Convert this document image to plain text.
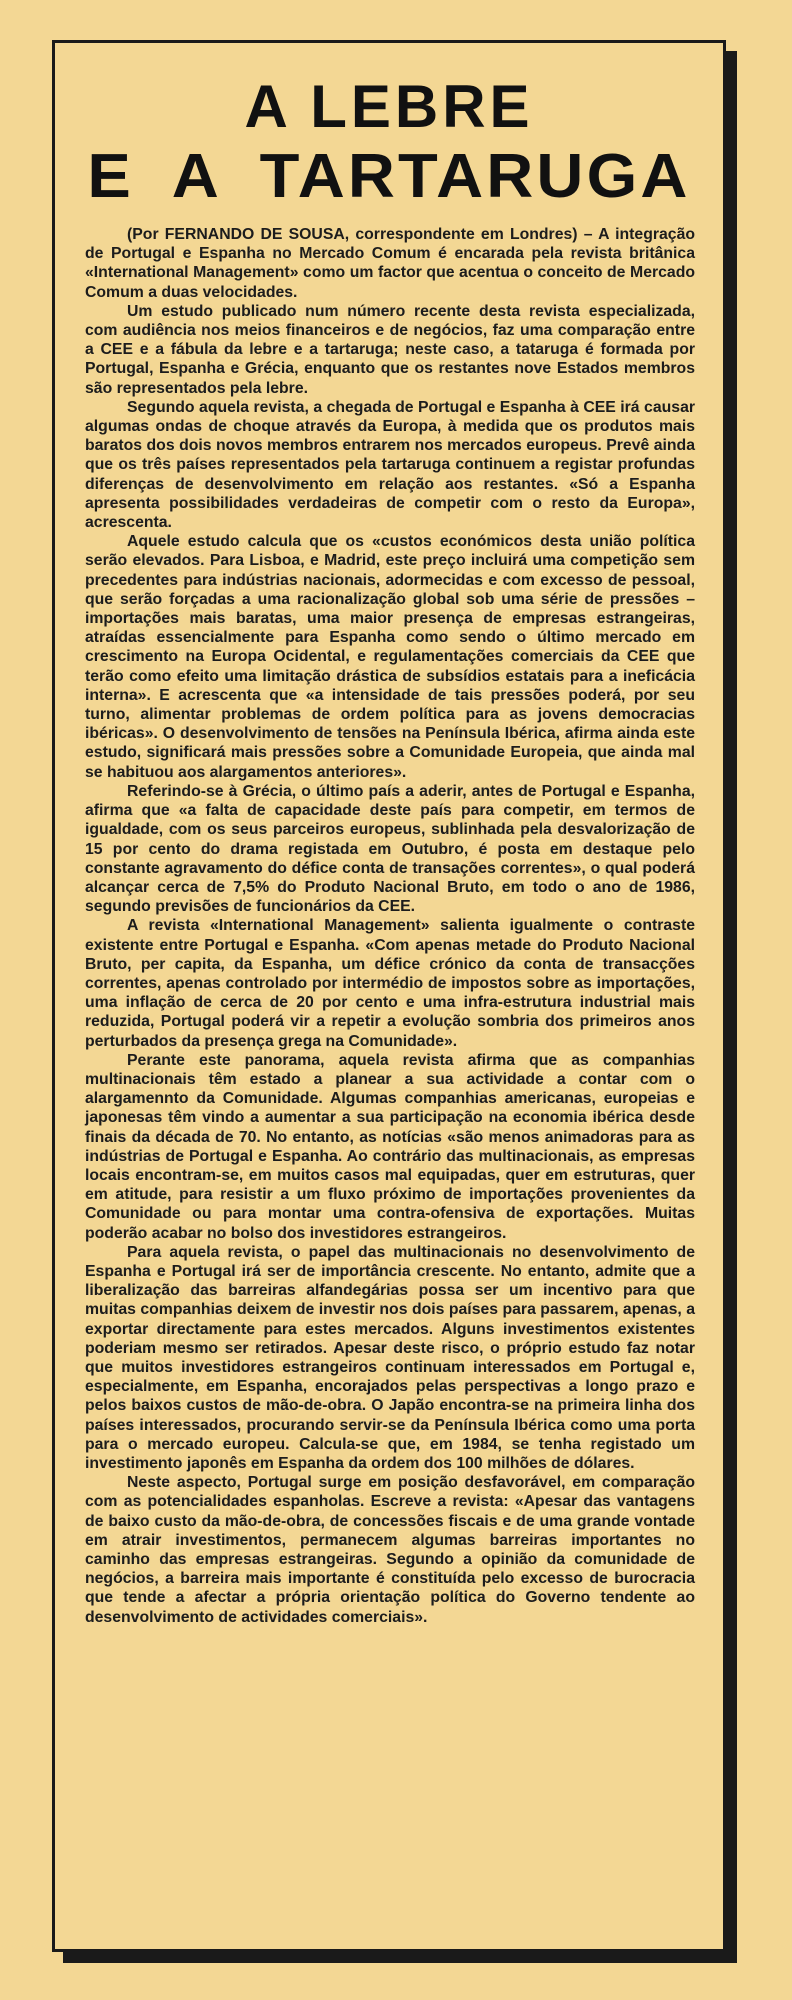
A LEBRE
E A TARTARUGA

(Por FERNANDO DE SOUSA, correspondente em Londres) – A integração de Portugal e Espanha no Mercado Comum é encarada pela revista britânica «International Management» como um factor que acentua o conceito de Mercado Comum a duas velocidades.

Um estudo publicado num número recente desta revista especializada, com audiência nos meios financeiros e de negócios, faz uma comparação entre a CEE e a fábula da lebre e a tartaruga; neste caso, a tataruga é formada por Portugal, Espanha e Grécia, enquanto que os restantes nove Estados membros são representados pela lebre.

Segundo aquela revista, a chegada de Portugal e Espanha à CEE irá causar algumas ondas de choque através da Europa, à medida que os produtos mais baratos dos dois novos membros entrarem nos mercados europeus. Prevê ainda que os três países representados pela tartaruga continuem a registar profundas diferenças de desenvolvimento em relação aos restantes. «Só a Espanha apresenta possibilidades verdadeiras de competir com o resto da Europa», acrescenta.

Aquele estudo calcula que os «custos económicos desta união política serão elevados. Para Lisboa, e Madrid, este preço incluirá uma competição sem precedentes para indústrias nacionais, adormecidas e com excesso de pessoal, que serão forçadas a uma racionalização global sob uma série de pressões – importações mais baratas, uma maior presença de empresas estrangeiras, atraídas essencialmente para Espanha como sendo o último mercado em crescimento na Europa Ocidental, e regulamentações comerciais da CEE que terão como efeito uma limitação drástica de subsídios estatais para a ineficácia interna». E acrescenta que «a intensidade de tais pressões poderá, por seu turno, alimentar problemas de ordem política para as jovens democracias ibéricas». O desenvolvimento de tensões na Península Ibérica, afirma ainda este estudo, significará mais pressões sobre a Comunidade Europeia, que ainda mal se habituou aos alargamentos anteriores».

Referindo-se à Grécia, o último país a aderir, antes de Portugal e Espanha, afirma que «a falta de capacidade deste país para competir, em termos de igualdade, com os seus parceiros europeus, sublinhada pela desvalorização de 15 por cento do drama registada em Outubro, é posta em destaque pelo constante agravamento do défice conta de transações correntes», o qual poderá alcançar cerca de 7,5% do Produto Nacional Bruto, em todo o ano de 1986, segundo previsões de funcionários da CEE.

A revista «International Management» salienta igualmente o contraste existente entre Portugal e Espanha. «Com apenas metade do Produto Nacional Bruto, per capita, da Espanha, um défice crónico da conta de transacções correntes, apenas controlado por intermédio de impostos sobre as importações, uma inflação de cerca de 20 por cento e uma infra-estrutura industrial mais reduzida, Portugal poderá vir a repetir a evolução sombria dos primeiros anos perturbados da presença grega na Comunidade».

Perante este panorama, aquela revista afirma que as companhias multinacionais têm estado a planear a sua actividade a contar com o alargamennto da Comunidade. Algumas companhias americanas, europeias e japonesas têm vindo a aumentar a sua participação na economia ibérica desde finais da década de 70. No entanto, as notícias «são menos animadoras para as indústrias de Portugal e Espanha. Ao contrário das multinacionais, as empresas locais encontram-se, em muitos casos mal equipadas, quer em estruturas, quer em atitude, para resistir a um fluxo próximo de importações provenientes da Comunidade ou para montar uma contra-ofensiva de exportações. Muitas poderão acabar no bolso dos investidores estrangeiros.

Para aquela revista, o papel das multinacionais no desenvolvimento de Espanha e Portugal irá ser de importância crescente. No entanto, admite que a liberalização das barreiras alfandegárias possa ser um incentivo para que muitas companhias deixem de investir nos dois países para passarem, apenas, a exportar directamente para estes mercados. Alguns investimentos existentes poderiam mesmo ser retirados. Apesar deste risco, o próprio estudo faz notar que muitos investidores estrangeiros continuam interessados em Portugal e, especialmente, em Espanha, encorajados pelas perspectivas a longo prazo e pelos baixos custos de mão-de-obra. O Japão encontra-se na primeira linha dos países interessados, procurando servir-se da Península Ibérica como uma porta para o mercado europeu. Calcula-se que, em 1984, se tenha registado um investimento japonês em Espanha da ordem dos 100 milhões de dólares.

Neste aspecto, Portugal surge em posição desfavorável, em comparação com as potencialidades espanholas. Escreve a revista: «Apesar das vantagens de baixo custo da mão-de-obra, de concessões fiscais e de uma grande vontade em atrair investimentos, permanecem algumas barreiras importantes no caminho das empresas estrangeiras. Segundo a opinião da comunidade de negócios, a barreira mais importante é constituída pelo excesso de burocracia que tende a afectar a própria orientação política do Governo tendente ao desenvolvimento de actividades comerciais».
